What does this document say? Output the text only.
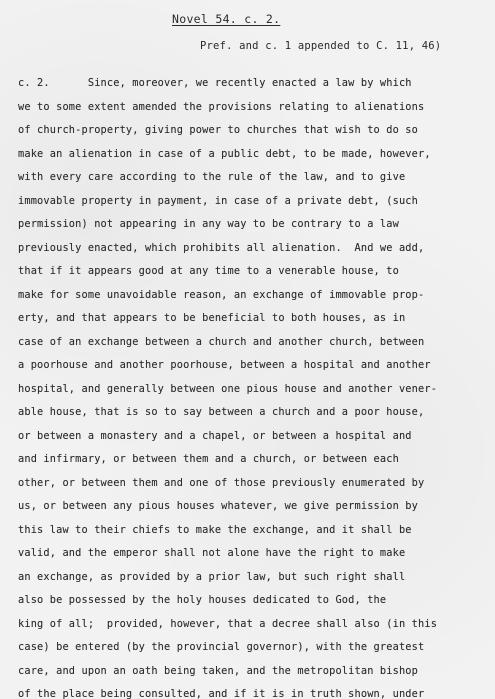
Novel 54. c. 2.
Pref. and c. 1 appended to C. 11, 46)
c. 2.      Since, moreover, we recently enacted a law by which
we to some extent amended the provisions relating to alienations
of church-property, giving power to churches that wish to do so
make an alienation in case of a public debt, to be made, however,
with every care according to the rule of the law, and to give
immovable property in payment, in case of a private debt, (such
permission) not appearing in any way to be contrary to a law
previously enacted, which prohibits all alienation.  And we add,
that if it appears good at any time to a venerable house, to
make for some unavoidable reason, an exchange of immovable prop-
erty, and that appears to be beneficial to both houses, as in
case of an exchange between a church and another church, between
a poorhouse and another poorhouse, between a hospital and another
hospital, and generally between one pious house and another vener-
able house, that is so to say between a church and a poor house,
or between a monastery and a chapel, or between a hospital and
and infirmary, or between them and a church, or between each
other, or between them and one of those previously enumerated by
us, or between any pious houses whatever, we give permission by
this law to their chiefs to make the exchange, and it shall be
valid, and the emperor shall not alone have the right to make
an exchange, as provided by a prior law, but such right shall
also be possessed by the holy houses dedicated to God, the
king of all;  provided, however, that a decree shall also (in this
case) be entered (by the provincial governor), with the greatest
care, and upon an oath being taken, and the metropolitan bishop
of the place being consulted, and if it is in truth shown, under
